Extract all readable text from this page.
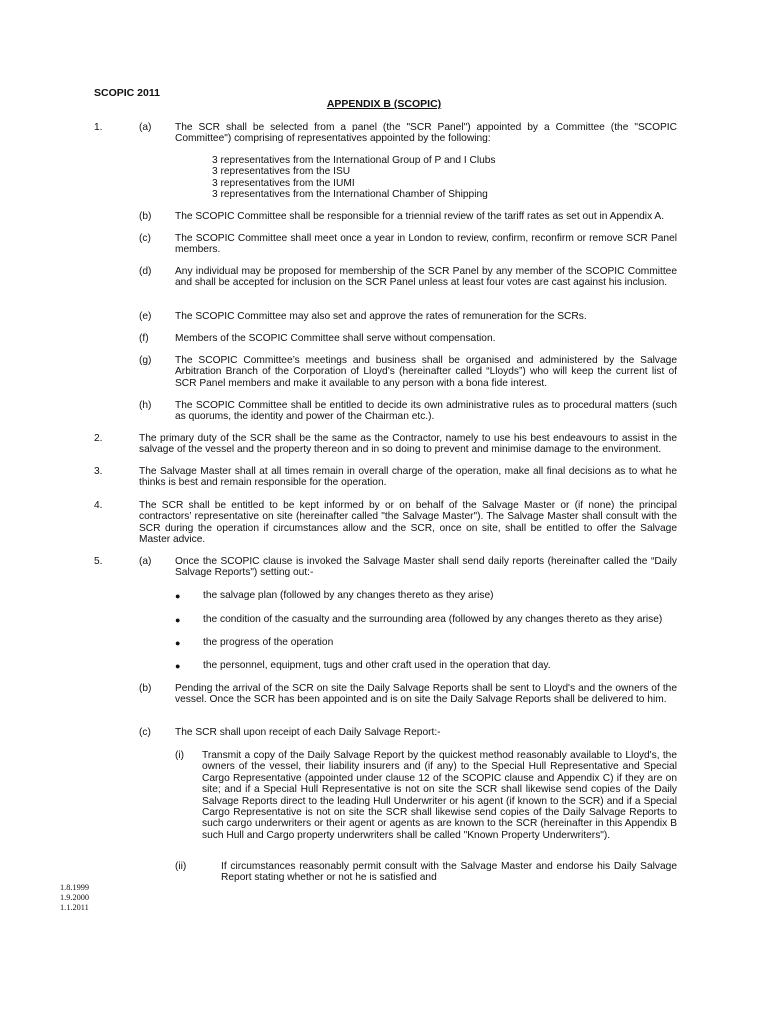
SCOPIC 2011
APPENDIX B (SCOPIC)
1.	(a) The SCR shall be selected from a panel (the "SCR Panel") appointed by a Committee (the "SCOPIC Committee") comprising of representatives appointed by the following:
3 representatives from the International Group of P and I Clubs
3 representatives from the ISU
3 representatives from the IUMI
3 representatives from the International Chamber of Shipping
(b) The SCOPIC Committee shall be responsible for a triennial review of the tariff rates as set out in Appendix A.
(c) The SCOPIC Committee shall meet once a year in London to review, confirm, reconfirm or remove SCR Panel members.
(d) Any individual may be proposed for membership of the SCR Panel by any member of the SCOPIC Committee and shall be accepted for inclusion on the SCR Panel unless at least four votes are cast against his inclusion.
(e) The SCOPIC Committee may also set and approve the rates of remuneration for the SCRs.
(f)	Members of the SCOPIC Committee shall serve without compensation.
(g) The SCOPIC Committee’s meetings and business shall be organised and administered by the Salvage Arbitration Branch of the Corporation of Lloyd’s (hereinafter called “Lloyds”) who will keep the current list of SCR Panel members and make it available to any person with a bona fide interest.
(h) The SCOPIC Committee shall be entitled to decide its own administrative rules as to procedural matters (such as quorums, the identity and power of the Chairman etc.).
2.	The primary duty of the SCR shall be the same as the Contractor, namely to use his best endeavours to assist in the salvage of the vessel and the property thereon and in so doing to prevent and minimise damage to the environment.
3.	The Salvage Master shall at all times remain in overall charge of the operation, make all final decisions as to what he thinks is best and remain responsible for the operation.
4.	The SCR shall be entitled to be kept informed by or on behalf of the Salvage Master or (if none) the principal contractors’ representative on site (hereinafter called "the Salvage Master"). The Salvage Master shall consult with the SCR during the operation if circumstances allow and the SCR, once on site, shall be entitled to offer the Salvage Master advice.
5.	(a) Once the SCOPIC clause is invoked the Salvage Master shall send daily reports (hereinafter called the “Daily Salvage Reports") setting out:-
● the salvage plan (followed by any changes thereto as they arise)
● the condition of the casualty and the surrounding area (followed by any changes thereto as they arise)
● the progress of the operation
● the personnel, equipment, tugs and other craft used in the operation that day.
(b) Pending the arrival of the SCR on site the Daily Salvage Reports shall be sent to Lloyd's and the owners of the vessel. Once the SCR has been appointed and is on site the Daily Salvage Reports shall be delivered to him.
(c) The SCR shall upon receipt of each Daily Salvage Report:-
(i) Transmit a copy of the Daily Salvage Report by the quickest method reasonably available to Lloyd's, the owners of the vessel, their liability insurers and (if any) to the Special Hull Representative and Special Cargo Representative (appointed under clause 12 of the SCOPIC clause and Appendix C) if they are on site; and if a Special Hull Representative is not on site the SCR shall likewise send copies of the Daily Salvage Reports direct to the leading Hull Underwriter or his agent (if known to the SCR) and if a Special Cargo Representative is not on site the SCR shall likewise send copies of the Daily Salvage Reports to such cargo underwriters or their agent or agents as are known to the SCR (hereinafter in this Appendix B such Hull and Cargo property underwriters shall be called "Known Property Underwriters").
(ii)	If circumstances reasonably permit consult with the Salvage Master and endorse his Daily Salvage Report stating whether or not he is satisfied and
1.8.1999
1.9.2000
1.1.2011
